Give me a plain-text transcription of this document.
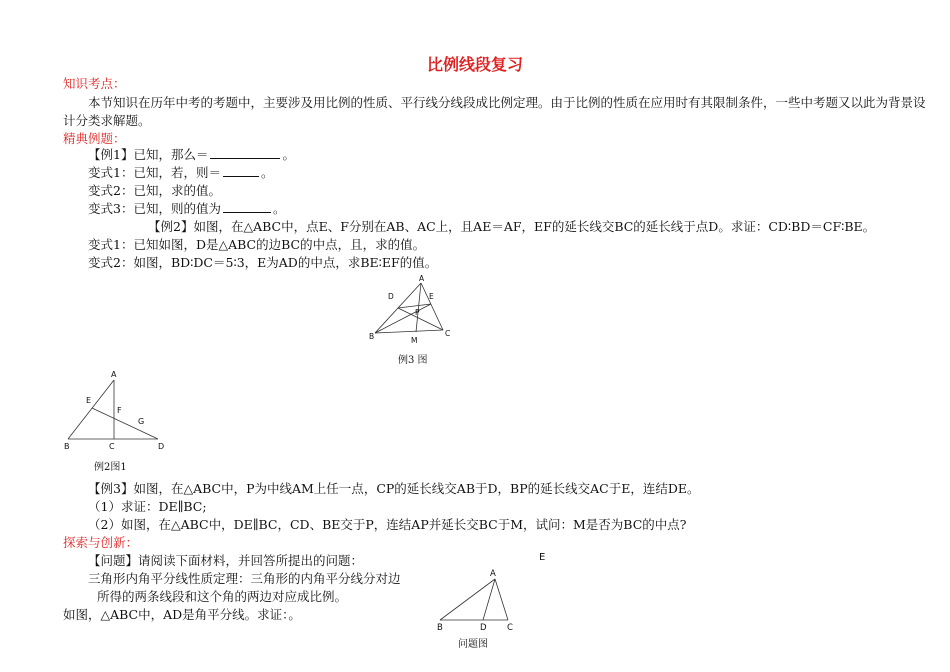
比例线段复习
知识考点：
本节知识在历年中考的考题中，主要涉及用比例的性质、平行线分线段成比例定理。由于比例的性质在应用时有其限制条件，一些中考题又以此为背景设
计分类求解题。
精典例题：
【例1】已知，那么＝	。
变式1：已知，若，则＝	。
变式2：已知，求的值。
变式3：已知，则的值为	。
【例2】如图，在△ABC中，点E、F分别在AB、AC上，且AE＝AF，EF的延长线交BC的延长线于点D。求证：CD∶BD＝CF∶BE。
变式1：已知如图，D是△ABC的边BC的中点，且，求的值。
变式2：如图，BD∶DC＝5∶3，E为AD的中点，求BE∶EF的值。
A
D	E
P
B	C
M
例3 图
A
E
F
G
B	C	D
例2图1
【例3】如图，在△ABC中，P为中线AM上任一点，CP的延长线交AB于D，BP的延长线交AC于E，连结DE。
（1）求证：DE∥BC;
（2）如图，在△ABC中，DE∥BC，CD、BE交于P，连结AP并延长交BC于M，试问：M是否为BC的中点?
探索与创新：
【问题】请阅读下面材料，并回答所提出的问题：
三角形内角平分线性质定理：三角形的内角平分线分对边
所得的两条线段和这个角的两边对应成比例。
如图，△ABC中，AD是角平分线。求证：。
E
A
B	D C
问题图
